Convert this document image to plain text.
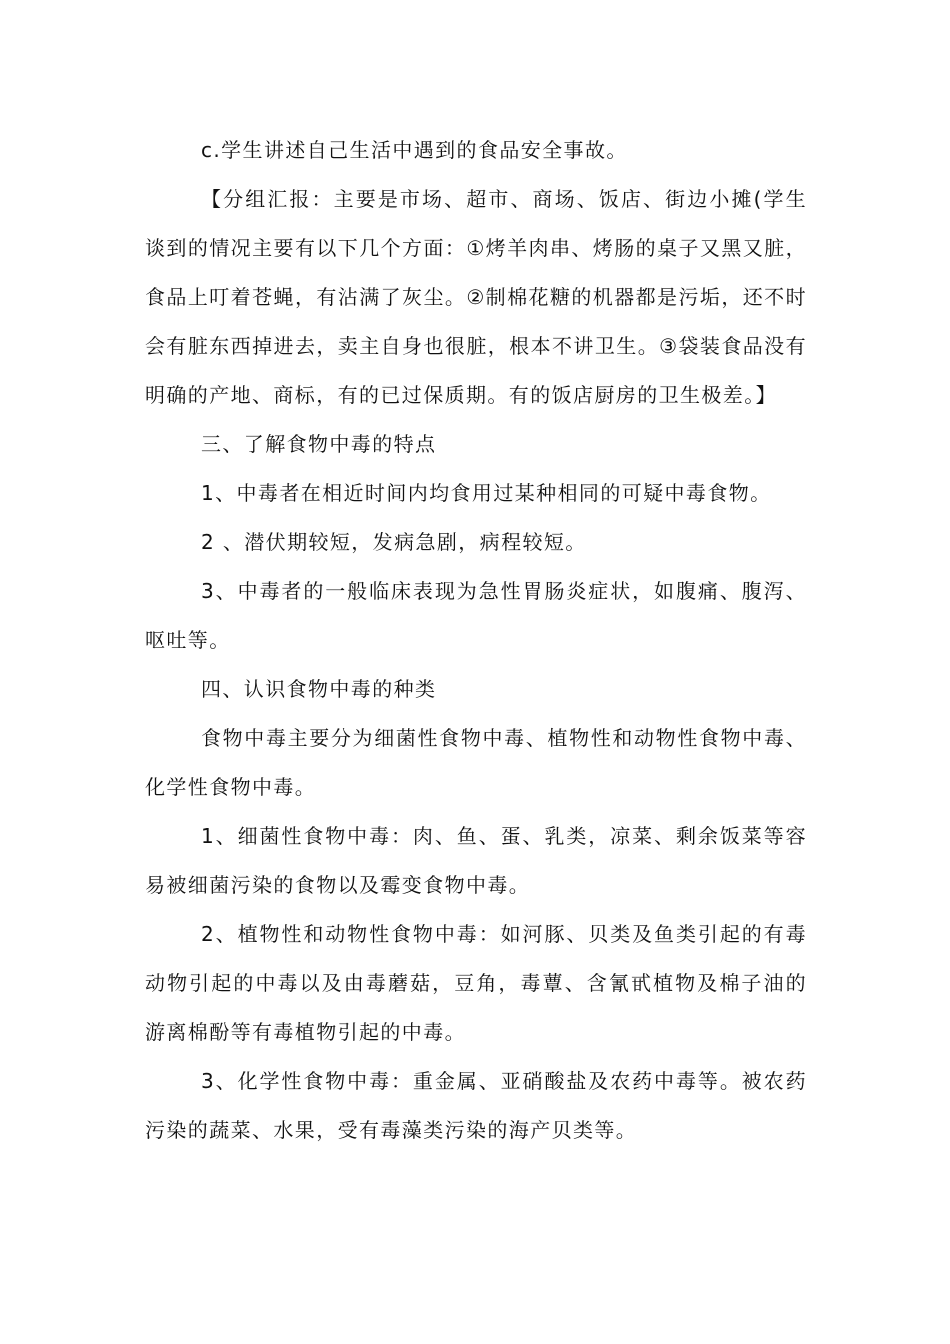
c.学生讲述自己生活中遇到的食品安全事故。

【分组汇报：主要是市场、超市、商场、饭店、街边小摊(学生谈到的情况主要有以下几个方面：①烤羊肉串、烤肠的桌子又黑又脏，食品上叮着苍蝇，有沾满了灰尘。②制棉花糖的机器都是污垢，还不时会有脏东西掉进去，卖主自身也很脏，根本不讲卫生。③袋装食品没有明确的产地、商标，有的已过保质期。有的饭店厨房的卫生极差。】

三、了解食物中毒的特点

1、中毒者在相近时间内均食用过某种相同的可疑中毒食物。

2 、潜伏期较短，发病急剧，病程较短。

3、中毒者的一般临床表现为急性胃肠炎症状，如腹痛、腹泻、呕吐等。

四、认识食物中毒的种类

食物中毒主要分为细菌性食物中毒、植物性和动物性食物中毒、化学性食物中毒。

1、细菌性食物中毒：肉、鱼、蛋、乳类，凉菜、剩余饭菜等容易被细菌污染的食物以及霉变食物中毒。

2、植物性和动物性食物中毒：如河豚、贝类及鱼类引起的有毒动物引起的中毒以及由毒蘑菇，豆角，毒蕈、含氰甙植物及棉子油的游离棉酚等有毒植物引起的中毒。

3、化学性食物中毒：重金属、亚硝酸盐及农药中毒等。被农药污染的蔬菜、水果，受有毒藻类污染的海产贝类等。
